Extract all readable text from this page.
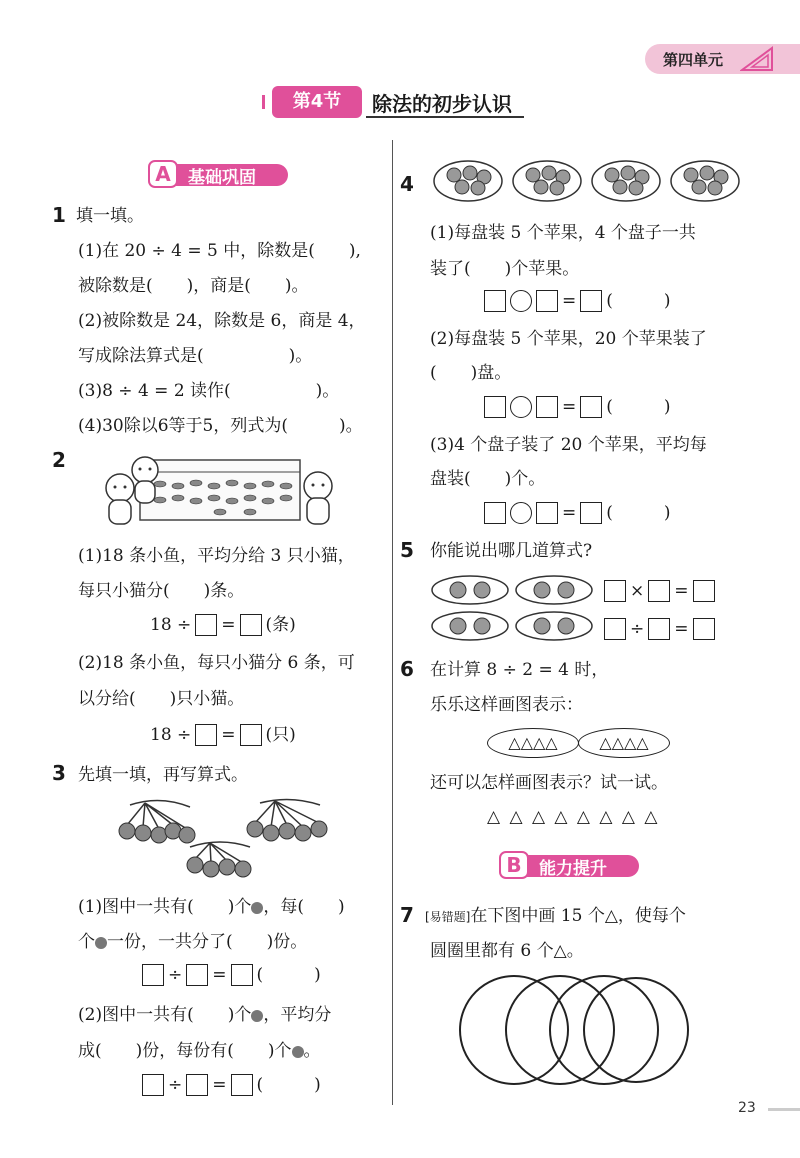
第四单元
第4节	除法的初步认识
A	基础巩固
1 填一填。
(1)在 20 ÷ 4 = 5 中，除数是(　　),
被除数是(　　)，商是(　　)。
(2)被除数是 24，除数是 6，商是 4，
写成除法算式是(　　　　　)。
(3)8 ÷ 4 = 2 读作(　　　　　)。
(4)30除以6等于5，列式为(　　　)。
2
(1)18 条小鱼，平均分给 3 只小猫，
每只小猫分(　　)条。
18 ÷ = (条)
(2)18 条小鱼，每只小猫分 6 条，可
以分给(　　)只小猫。
18 ÷ = (只)
3 先填一填，再写算式。
(1)图中一共有(　　)个 ，每(　　)
个 一份，一共分了(　　)份。
÷ = (　　　)
(2)图中一共有(　　)个 ，平均分
成(　　)份，每份有(　　)个 。
÷ = (　　　)
4
(1)每盘装 5 个苹果，4 个盘子一共
装了(　　)个苹果。
= (　　　)
(2)每盘装 5 个苹果，20 个苹果装了
(　　)盘。
= (　　　)
(3)4 个盘子装了 20 个苹果，平均每
盘装(　　)个。
= (　　　)
5 你能说出哪几道算式?
× =
÷ =
6 在计算 8 ÷ 2 = 4 时，
乐乐这样画图表示：
△△△△	△△△△
还可以怎样画图表示？试一试。
△ △ △ △ △ △ △ △
B	能力提升
7 [易错题]在下图中画 15 个△，使每个
圆圈里都有 6 个△。
23
